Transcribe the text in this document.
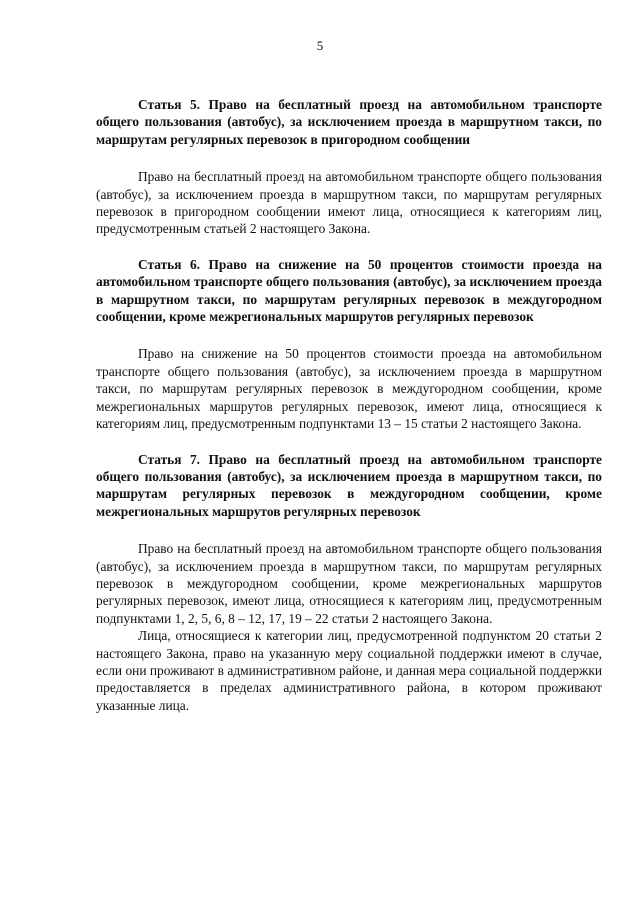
5

Статья 5. Право на бесплатный проезд на автомобильном транспорте общего пользования (автобус), за исключением проезда в маршрутном такси, по маршрутам регулярных перевозок в пригородном сообщении

Право на бесплатный проезд на автомобильном транспорте общего пользования (автобус), за исключением проезда в маршрутном такси, по маршрутам регулярных перевозок в пригородном сообщении имеют лица, относящиеся к категориям лиц, предусмотренным статьей 2 настоящего Закона.

Статья 6. Право на снижение на 50 процентов стоимости проезда на автомобильном транспорте общего пользования (автобус), за исключением проезда в маршрутном такси, по маршрутам регулярных перевозок в междугородном сообщении, кроме межрегиональных маршрутов регулярных перевозок

Право на снижение на 50 процентов стоимости проезда на автомобильном транспорте общего пользования (автобус), за исключением проезда в маршрутном такси, по маршрутам регулярных перевозок в междугородном сообщении, кроме межрегиональных маршрутов регулярных перевозок, имеют лица, относящиеся к категориям лиц, предусмотренным подпунктами 13 – 15 статьи 2 настоящего Закона.

Статья 7. Право на бесплатный проезд на автомобильном транспорте общего пользования (автобус), за исключением проезда в маршрутном такси, по маршрутам регулярных перевозок в междугородном сообщении, кроме межрегиональных маршрутов регулярных перевозок

Право на бесплатный проезд на автомобильном транспорте общего пользования (автобус), за исключением проезда в маршрутном такси, по маршрутам регулярных перевозок в междугородном сообщении, кроме межрегиональных маршрутов регулярных перевозок, имеют лица, относящиеся к категориям лиц, предусмотренным подпунктами 1, 2, 5, 6, 8 – 12, 17, 19 – 22 статьи 2 настоящего Закона.

Лица, относящиеся к категории лиц, предусмотренной подпунктом 20 статьи 2 настоящего Закона, право на указанную меру социальной поддержки имеют в случае, если они проживают в административном районе, и данная мера социальной поддержки предоставляется в пределах административного района, в котором проживают указанные лица.
